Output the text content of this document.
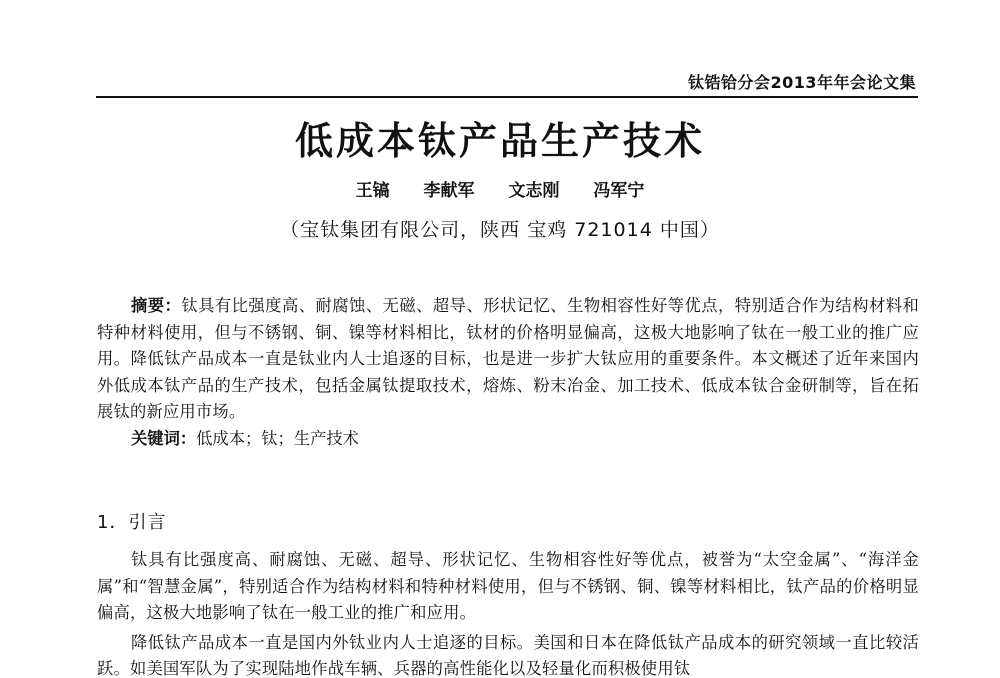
钛锆铪分会2013年年会论文集
低成本钛产品生产技术
王镐 李献军 文志刚 冯军宁
（宝钛集团有限公司，陕西 宝鸡 721014 中国）
摘要：钛具有比强度高、耐腐蚀、无磁、超导、形状记忆、生物相容性好等优点，特别适合作为结构材料和特种材料使用，但与不锈钢、铜、镍等材料相比，钛材的价格明显偏高，这极大地影响了钛在一般工业的推广应用。降低钛产品成本一直是钛业内人士追逐的目标，也是进一步扩大钛应用的重要条件。本文概述了近年来国内外低成本钛产品的生产技术，包括金属钛提取技术，熔炼、粉末冶金、加工技术、低成本钛合金研制等，旨在拓展钛的新应用市场。
关键词：低成本；钛；生产技术
1．引言

钛具有比强度高、耐腐蚀、无磁、超导、形状记忆、生物相容性好等优点，被誉为“太空金属”、“海洋金属”和“智慧金属”，特别适合作为结构材料和特种材料使用，但与不锈钢、铜、镍等材料相比，钛产品的价格明显偏高，这极大地影响了钛在一般工业的推广和应用。

降低钛产品成本一直是国内外钛业内人士追逐的目标。美国和日本在降低钛产品成本的研究领域一直比较活跃。如美国军队为了实现陆地作战车辆、兵器的高性能化以及轻量化而积极使用钛
